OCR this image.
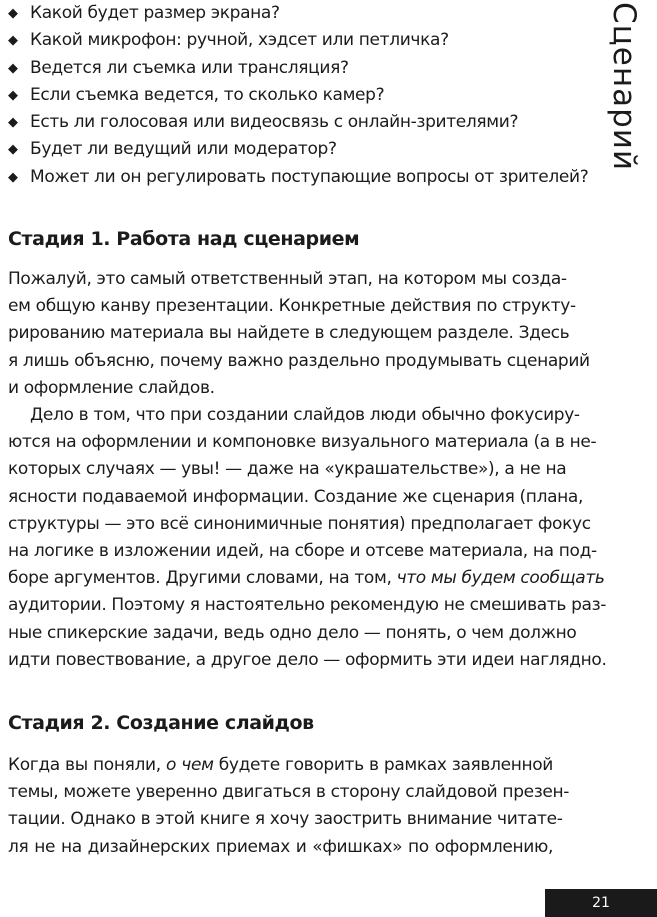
Сценарий
◆ Какой будет размер экрана?
◆ Какой микрофон: ручной, хэдсет или петличка?
◆ Ведется ли съемка или трансляция?
◆ Если съемка ведется, то сколько камер?
◆ Есть ли голосовая или видеосвязь с онлайн-зрителями?
◆ Будет ли ведущий или модератор?
◆ Может ли он регулировать поступающие вопросы от зрителей?
Стадия 1. Работа над сценарием
Пожалуй, это самый ответственный этап, на котором мы созда-
ем общую канву презентации. Конкретные действия по структу-
рированию материала вы найдете в следующем разделе. Здесь
я лишь объясню, почему важно раздельно продумывать сценарий
и оформление слайдов.
Дело в том, что при создании слайдов люди обычно фокусиру-
ются на оформлении и компоновке визуального материала (а в не-
которых случаях — увы! — даже на «украшательстве»), а не на
ясности подаваемой информации. Создание же сценария (плана,
структуры — это всё синонимичные понятия) предполагает фокус
на логике в изложении идей, на сборе и отсеве материала, на под-
боре аргументов. Другими словами, на том, что мы будем сообщать
аудитории. Поэтому я настоятельно рекомендую не смешивать раз-
ные спикерские задачи, ведь одно дело — понять, о чем должно
идти повествование, а другое дело — оформить эти идеи наглядно.
Стадия 2. Создание слайдов
Когда вы поняли, о чем будете говорить в рамках заявленной
темы, можете уверенно двигаться в сторону слайдовой презен-
тации. Однако в этой книге я хочу заострить внимание читате-
ля не на дизайнерских приемах и «фишках» по оформлению,
21
